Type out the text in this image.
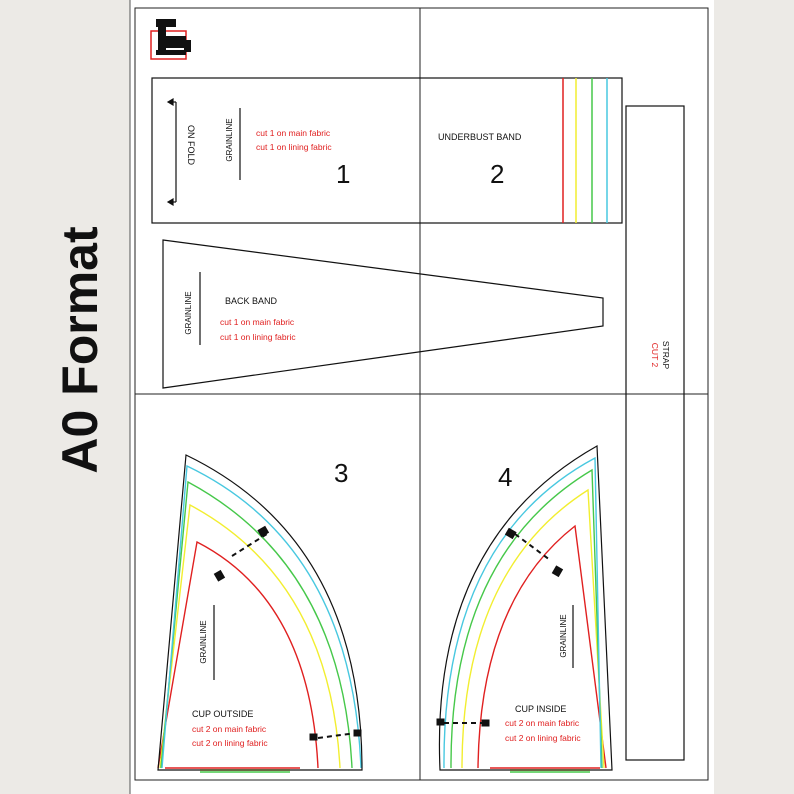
A0 Format
ON FOLD	GRAINLINE	cut 1 on main fabric
cut 1 on lining fabric
1
UNDERBUST BAND
2
GRAINLINE	BACK BAND
cut 1 on main fabric
cut 1 on lining fabric
STRAP
CUT 2
GRAINLINE
3
CUP OUTSIDE
cut 2 on main fabric
cut 2 on lining fabric
GRAINLINE
4
CUP INSIDE
cut 2 on main fabric
cut 2 on lining fabric
